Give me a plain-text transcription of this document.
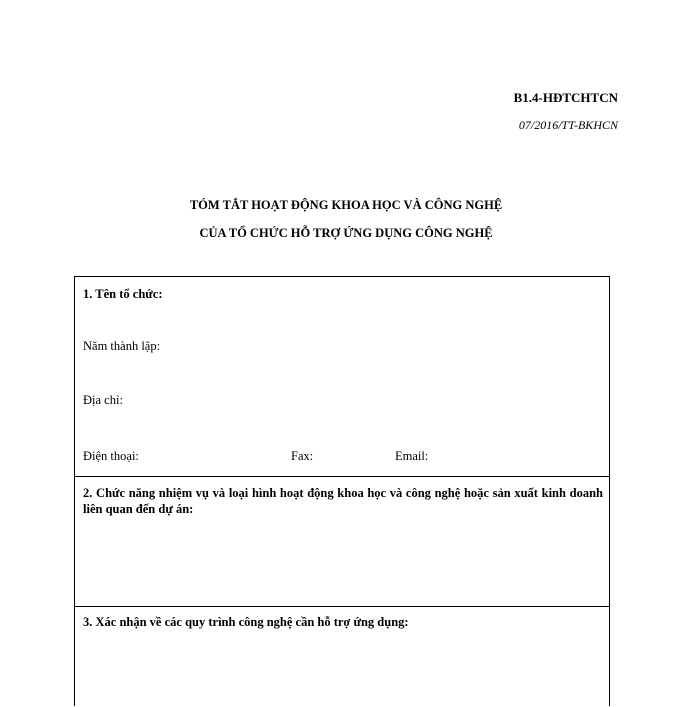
B1.4-HĐTCHTCN
07/2016/TT-BKHCN
TÓM TẮT HOẠT ĐỘNG KHOA HỌC VÀ CÔNG NGHỆ
CỦA TỔ CHỨC HỖ TRỢ ỨNG DỤNG CÔNG NGHỆ
1. Tên tổ chức:
Năm thành lập:
Địa chỉ:
Điện thoại:	Fax:	Email:
2. Chức năng nhiệm vụ và loại hình hoạt động khoa học và công nghệ hoặc sản xuất kinh doanh liên quan đến dự án:
3. Xác nhận về các quy trình công nghệ cần hỗ trợ ứng dụng:
